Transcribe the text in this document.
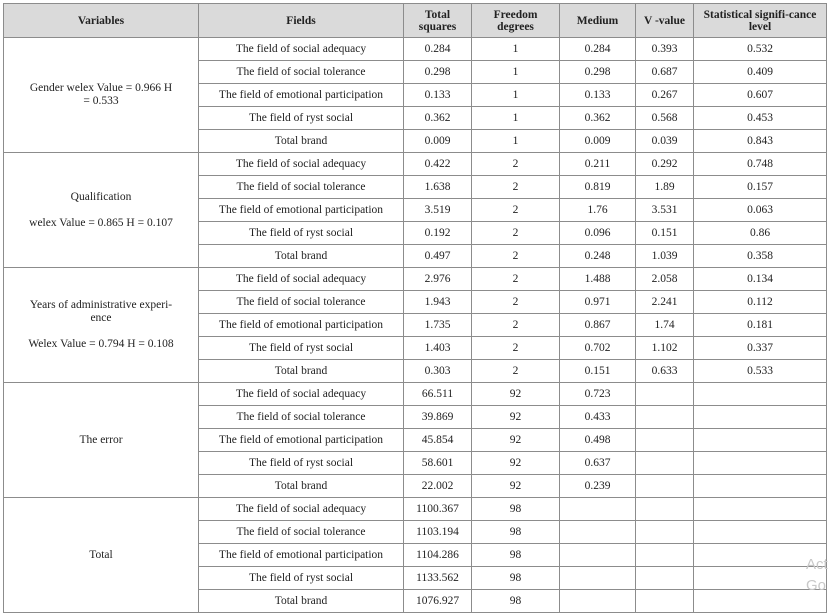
Variables	Fields	Total squares	Freedom degrees	Medium	V -value	Statistical signifi-cance level

Gender welex Value = 0.966 H
= 0.533	The field of social adequacy	0.284	1	0.284	0.393	0.532
	The field of social tolerance	0.298	1	0.298	0.687	0.409
	The field of emotional participation	0.133	1	0.133	0.267	0.607
	The field of ryst social	0.362	1	0.362	0.568	0.453
	Total brand	0.009	1	0.009	0.039	0.843

Qualification
welex Value = 0.865 H = 0.107	The field of social adequacy	0.422	2	0.211	0.292	0.748
	The field of social tolerance	1.638	2	0.819	1.89	0.157
	The field of emotional participation	3.519	2	1.76	3.531	0.063
	The field of ryst social	0.192	2	0.096	0.151	0.86
	Total brand	0.497	2	0.248	1.039	0.358

Years of administrative experi-
ence
Welex Value = 0.794 H = 0.108	The field of social adequacy	2.976	2	1.488	2.058	0.134
	The field of social tolerance	1.943	2	0.971	2.241	0.112
	The field of emotional participation	1.735	2	0.867	1.74	0.181
	The field of ryst social	1.403	2	0.702	1.102	0.337
	Total brand	0.303	2	0.151	0.633	0.533

The error	The field of social adequacy	66.511	92	0.723		
	The field of social tolerance	39.869	92	0.433		
	The field of emotional participation	45.854	92	0.498		
	The field of ryst social	58.601	92	0.637		
	Total brand	22.002	92	0.239		

Total	The field of social adequacy	1100.367	98			
	The field of social tolerance	1103.194	98			
	The field of emotional participation	1104.286	98			
	The field of ryst social	1133.562	98			
	Total brand	1076.927	98			
Act
Go
